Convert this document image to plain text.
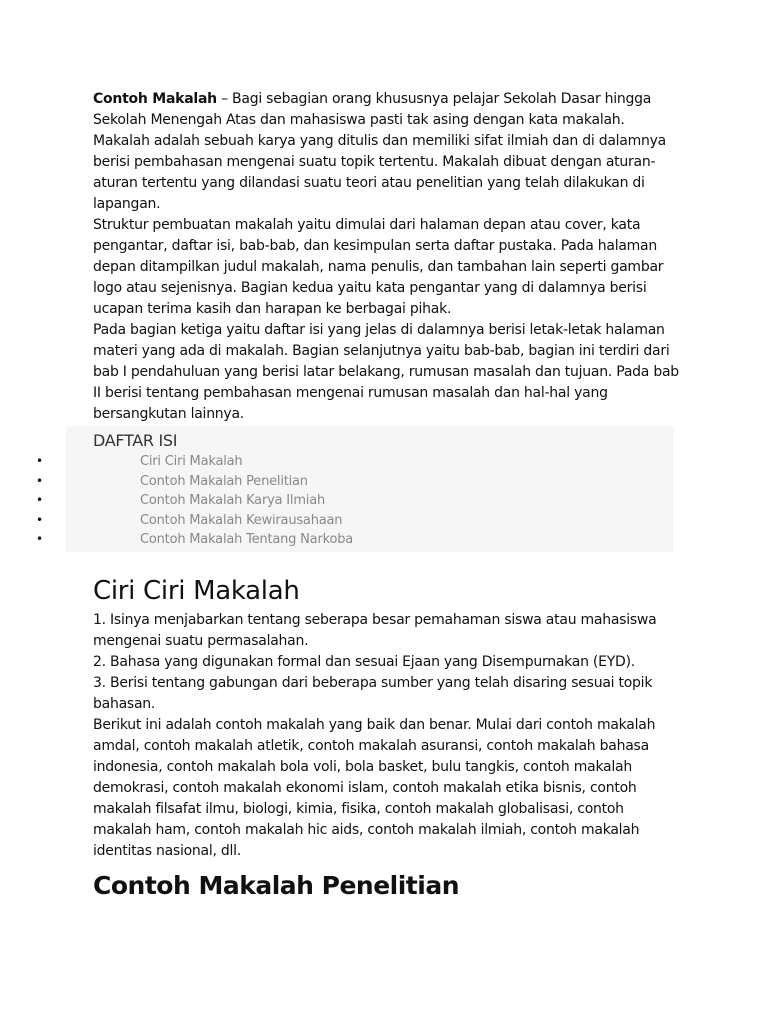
Contoh Makalah – Bagi sebagian orang khususnya pelajar Sekolah Dasar hingga Sekolah Menengah Atas dan mahasiswa pasti tak asing dengan kata makalah. Makalah adalah sebuah karya yang ditulis dan memiliki sifat ilmiah dan di dalamnya berisi pembahasan mengenai suatu topik tertentu. Makalah dibuat dengan aturan-aturan tertentu yang dilandasi suatu teori atau penelitian yang telah dilakukan di lapangan.

Struktur pembuatan makalah yaitu dimulai dari halaman depan atau cover, kata pengantar, daftar isi, bab-bab, dan kesimpulan serta daftar pustaka. Pada halaman depan ditampilkan judul makalah, nama penulis, dan tambahan lain seperti gambar logo atau sejenisnya. Bagian kedua yaitu kata pengantar yang di dalamnya berisi ucapan terima kasih dan harapan ke berbagai pihak.

Pada bagian ketiga yaitu daftar isi yang jelas di dalamnya berisi letak-letak halaman materi yang ada di makalah. Bagian selanjutnya yaitu bab-bab, bagian ini terdiri dari bab I pendahuluan yang berisi latar belakang, rumusan masalah dan tujuan. Pada bab II berisi tentang pembahasan mengenai rumusan masalah dan hal-hal yang bersangkutan lainnya.

DAFTAR ISI
•	Ciri Ciri Makalah
•	Contoh Makalah Penelitian
•	Contoh Makalah Karya Ilmiah
•	Contoh Makalah Kewirausahaan
•	Contoh Makalah Tentang Narkoba
Ciri Ciri Makalah

1. Isinya menjabarkan tentang seberapa besar pemahaman siswa atau mahasiswa mengenai suatu permasalahan.

2. Bahasa yang digunakan formal dan sesuai Ejaan yang Disempurnakan (EYD).

3. Berisi tentang gabungan dari beberapa sumber yang telah disaring sesuai topik bahasan.

Berikut ini adalah contoh makalah yang baik dan benar. Mulai dari contoh makalah amdal, contoh makalah atletik, contoh makalah asuransi, contoh makalah bahasa indonesia, contoh makalah bola voli, bola basket, bulu tangkis, contoh makalah demokrasi, contoh makalah ekonomi islam, contoh makalah etika bisnis, contoh makalah filsafat ilmu, biologi, kimia, fisika, contoh makalah globalisasi, contoh makalah ham, contoh makalah hic aids, contoh makalah ilmiah, contoh makalah identitas nasional, dll.

Contoh Makalah Penelitian
